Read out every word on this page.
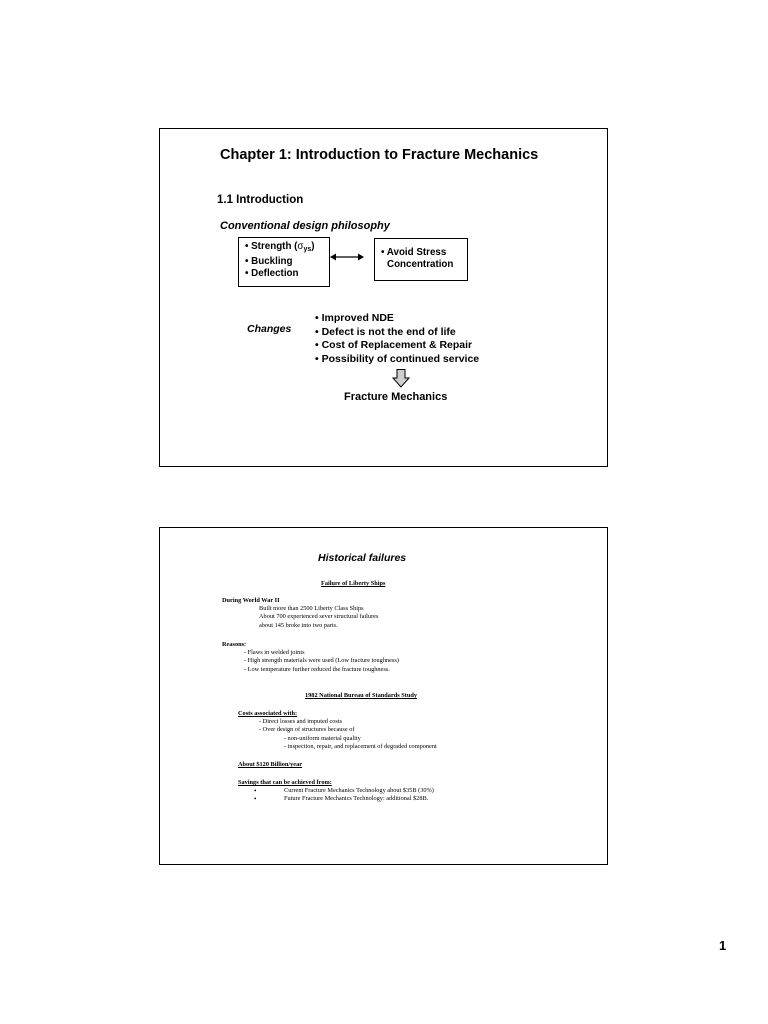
Chapter 1: Introduction to Fracture Mechanics
1.1 Introduction
Conventional design philosophy
• Strength $(\sigma_{ys})$
• Buckling
• Deflection
• Avoid Stress
Concentration
Changes
• Improved NDE
• Defect is not the end of life
• Cost of Replacement & Repair
• Possibility of continued service
Fracture Mechanics
Historical failures
Failure of Liberty Ships
During World War II
Built more than 2500 Liberty Class Ships
About 700 experienced sever structural failures
about 145 broke into two parts.
Reasons:
- Flaws in welded joints
- High strength materials were used (Low fracture toughness)
- Low temperature further reduced the fracture toughness.
1982 National Bureau of Standards Study
Costs associated with:
- Direct losses and imputed costs
- Over design of structures because of
- non-uniform material quality
- inspection, repair, and replacement of degraded component
About $120 Billion/year
Savings that can be achieved from:
• Current Fracture Mechanics Technology about $35B (30%)
• Future Fracture Mechanics Technology: additional $28B.
1
